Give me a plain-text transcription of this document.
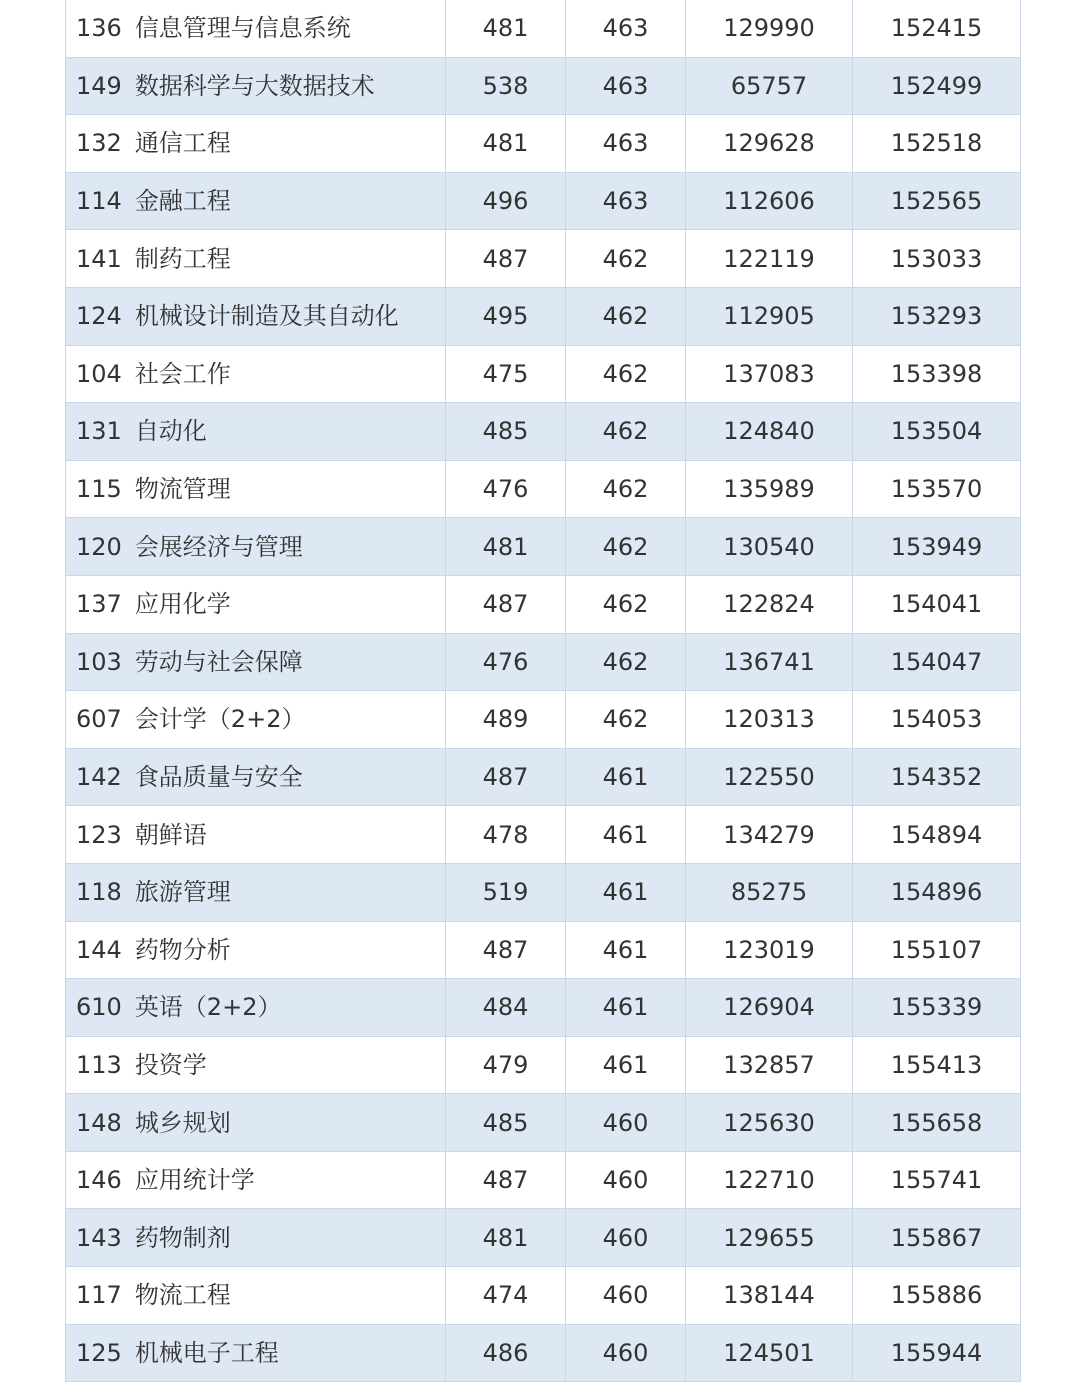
136 信息管理与信息系统	481	463	129990	152415
149 数据科学与大数据技术	538	463	65757	152499
132 通信工程	481	463	129628	152518
114 金融工程	496	463	112606	152565
141 制药工程	487	462	122119	153033
124 机械设计制造及其自动化	495	462	112905	153293
104 社会工作	475	462	137083	153398
131 自动化	485	462	124840	153504
115 物流管理	476	462	135989	153570
120 会展经济与管理	481	462	130540	153949
137 应用化学	487	462	122824	154041
103 劳动与社会保障	476	462	136741	154047
607 会计学（2+2）	489	462	120313	154053
142 食品质量与安全	487	461	122550	154352
123 朝鲜语	478	461	134279	154894
118 旅游管理	519	461	85275	154896
144 药物分析	487	461	123019	155107
610 英语（2+2）	484	461	126904	155339
113 投资学	479	461	132857	155413
148 城乡规划	485	460	125630	155658
146 应用统计学	487	460	122710	155741
143 药物制剂	481	460	129655	155867
117 物流工程	474	460	138144	155886
125 机械电子工程	486	460	124501	155944
